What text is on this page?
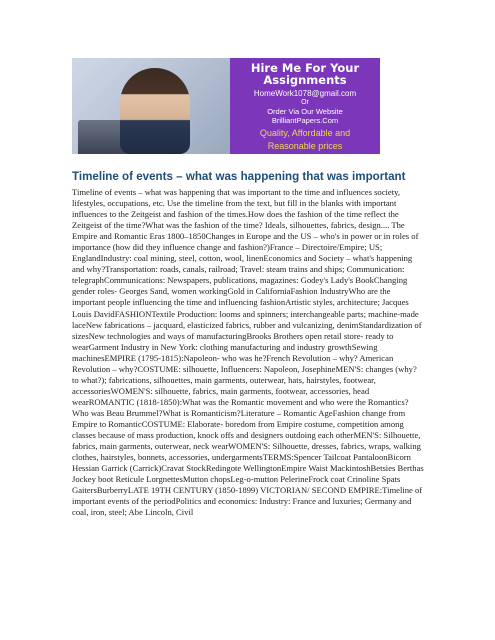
Hire Me For Your
Assignments
HomeWork1078@gmail.com
Or
Order Via Our Website
BrilliantPapers.Com
Quality, Affordable and
Reasonable prices
Timeline of events – what was happening that was important

Timeline of events – what was happening that was important to the time and influences society, lifestyles, occupations, etc. Use the timeline from the text, but fill in the blanks with important influences to the Zeitgeist and fashion of the times.How does the fashion of the time reflect the Zeitgeist of the time?What was the fashion of the time? Ideals, silhouettes, fabrics, design.... The Empire and Romantic Eras 1800–1850Changes in Europe and the US – who's in power or in roles of importance (how did they influence change and fashion?)France – Directoire/Empire; US; EnglandIndustry: coal mining, steel, cotton, wool, linenEconomics and Society – what's happening and why?Transportation: roads, canals, railroad; Travel: steam trains and ships; Communication: telegraphCommunications: Newspapers, publications, magazines: Godey's Lady's BookChanging gender roles- Georges Sand, women workingGold in CaliforniaFashion IndustryWho are the important people influencing the time and influencing fashionArtistic styles, architecture; Jacques Louis DavidFASHIONTextile Production: looms and spinners; interchangeable parts; machine-made laceNew fabrications – jacquard, elasticized fabrics, rubber and vulcanizing, denimStandardization of sizesNew technologies and ways of manufacturingBrooks Brothers open retail store- ready to wearGarment Industry in New York: clothing manufacturing and industry growthSewing machinesEMPIRE (1795-1815):Napoleon- who was he?French Revolution – why? American Revolution – why?COSTUME: silhouette, Influencers: Napoleon, JosephineMEN'S: changes (why? to what?); fabrications, silhouettes, main garments, outerwear, hats, hairstyles, footwear, accessoriesWOMEN'S: silhouette, fabrics, main garments, footwear, accessories, head wearROMANTIC (1818-1850):What was the Romantic movement and who were the Romantics?Who was Beau Brummel?What is Romanticism?Literature – Romantic AgeFashion change from Empire to RomanticCOSTUME: Elaborate- boredom from Empire costume, competition among classes because of mass production, knock offs and designers outdoing each otherMEN'S: Silhouette, fabrics, main garments, outerwear, neck wearWOMEN'S: Silhouette, dresses, fabrics, wraps, walking clothes, hairstyles, bonnets, accessories, undergarmentsTERMS:Spencer Tailcoat PantaloonBicorn Hessian Garrick (Carrick)Cravat StockRedingote WellingtonEmpire Waist MackintoshBetsies Berthas Jockey boot Reticule LorgnettesMutton chopsLeg-o-mutton PelerineFrock coat Crinoline Spats GaitersBurberryLATE 19TH CENTURY (1850-1899) VICTORIAN/ SECOND EMPIRE:Timeline of important events of the periodPolitics and economics: Industry: France and luxuries; Germany and coal, iron, steel; Abe Lincoln, Civil
